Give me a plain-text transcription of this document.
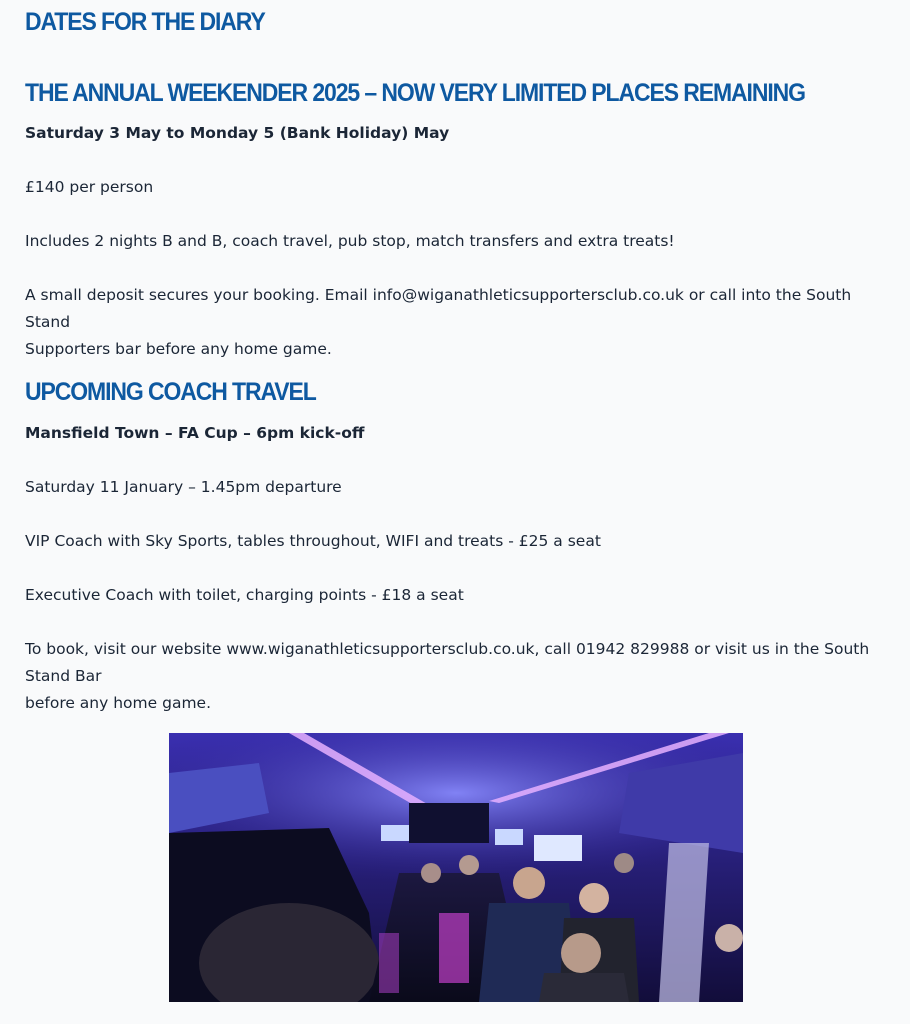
DATES FOR THE DIARY
THE ANNUAL WEEKENDER 2025 – NOW VERY LIMITED PLACES REMAINING

Saturday 3 May to Monday 5 (Bank Holiday) May

£140 per person

Includes 2 nights B and B, coach travel, pub stop, match transfers and extra treats!

A small deposit secures your booking. Email info@wiganathleticsupportersclub.co.uk or call into the South Stand
Supporters bar before any home game.

UPCOMING COACH TRAVEL

Mansfield Town – FA Cup – 6pm kick-off

Saturday 11 January – 1.45pm departure

VIP Coach with Sky Sports, tables throughout, WIFI and treats - £25 a seat

Executive Coach with toilet, charging points - £18 a seat

To book, visit our website www.wiganathleticsupportersclub.co.uk, call 01942 829988 or visit us in the South Stand Bar
before any home game.
